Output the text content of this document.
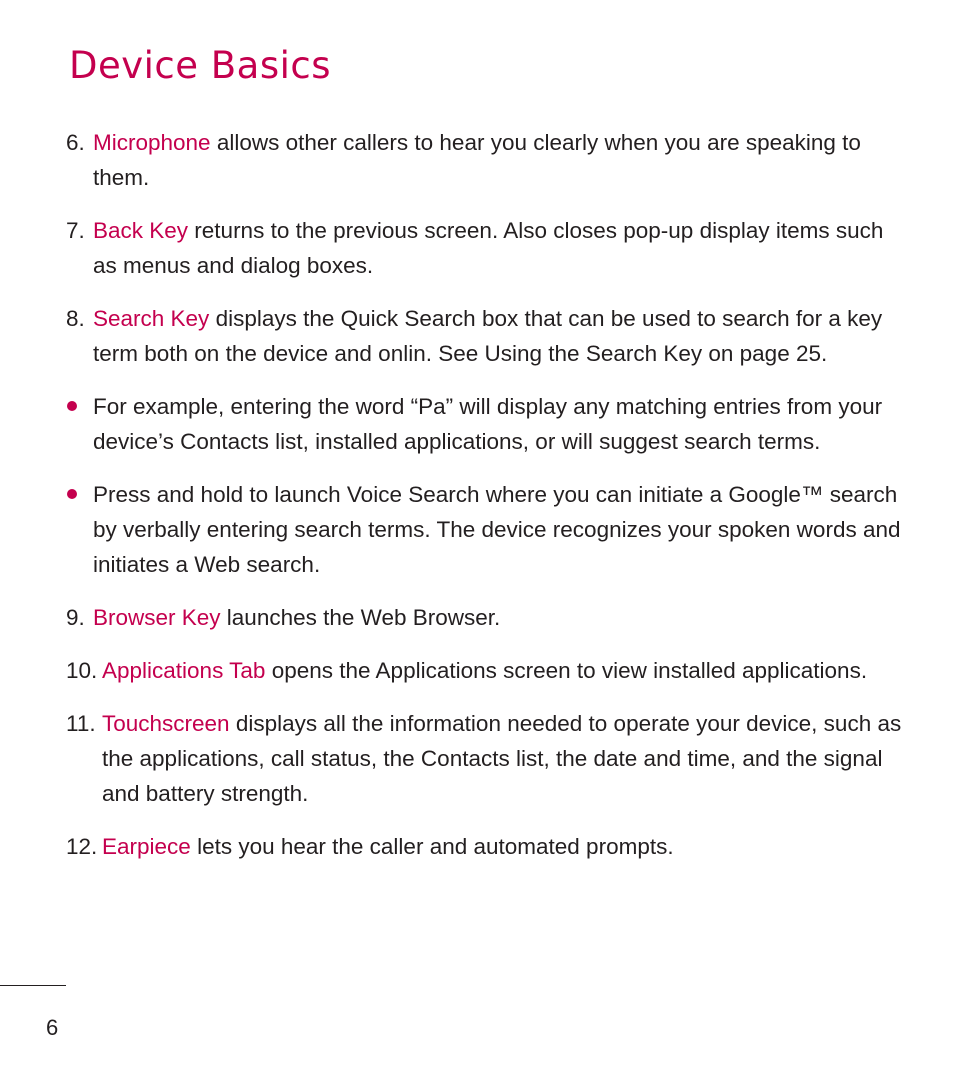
Device Basics
6. Microphone allows other callers to hear you clearly when you are speaking to them.
7. Back Key returns to the previous screen. Also closes pop-up display items such as menus and dialog boxes.
8. Search Key displays the Quick Search box that can be used to search for a key term both on the device and onlin. See Using the Search Key on page 25.
For example, entering the word “Pa” will display any matching entries from your device’s Contacts list, installed applications, or will suggest search terms.
Press and hold to launch Voice Search where you can initiate a Google™ search by verbally entering search terms. The device recognizes your spoken words and initiates a Web search.
9. Browser Key launches the Web Browser.
10. Applications Tab opens the Applications screen to view installed applications.
11. Touchscreen displays all the information needed to operate your device, such as the applications, call status, the Contacts list, the date and time, and the signal and battery strength.
12. Earpiece lets you hear the caller and automated prompts.
6
